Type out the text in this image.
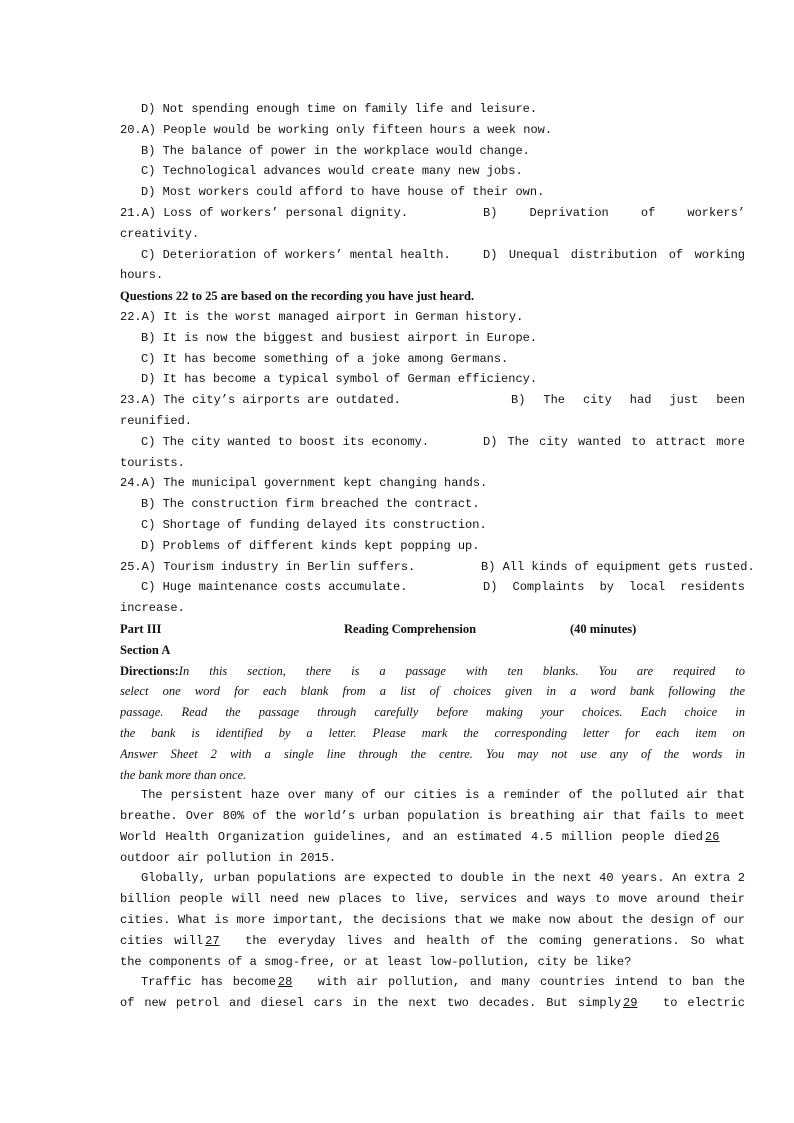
D) Not spending enough time on family life and leisure.
20.A) People would be working only fifteen hours a week now.
B) The balance of power in the workplace would change.
C) Technological advances would create many new jobs.
D) Most workers could afford to have house of their own.
21.A) Loss of workers’ personal dignity.	B) Deprivation of workers’
creativity.
C) Deterioration of workers’ mental health.	D) Unequal distribution of working
hours.
Questions 22 to 25 are based on the recording you have just heard.
22.A) It is the worst managed airport in German history.
B) It is now the biggest and busiest airport in Europe.
C) It has become something of a joke among Germans.
D) It has become a typical symbol of German efficiency.
23.A) The city’s airports are outdated.	B) The city had just been
reunified.
C) The city wanted to boost its economy.	D) The city wanted to attract more
tourists.
24.A) The municipal government kept changing hands.
B) The construction firm breached the contract.
C) Shortage of funding delayed its construction.
D) Problems of different kinds kept popping up.
25.A) Tourism industry in Berlin suffers.	B) All kinds of equipment gets rusted.
C) Huge maintenance costs accumulate.	D) Complaints by local residents
increase.
Part III	Reading Comprehension	(40 minutes)
Section A
Directions:In this section, there is a passage with ten blanks. You are required to
select one word for each blank from a list of choices given in a word bank following the
passage. Read the passage through carefully before making your choices. Each choice in
the bank is identified by a letter. Please mark the corresponding letter for each item on
Answer Sheet 2 with a single line through the centre. You may not use any of the words in
the bank more than once.
The persistent haze over many of our cities is a reminder of the polluted air that
breathe. Over 80% of the world’s urban population is breathing air that fails to meet
World Health Organization guidelines, and an estimated 4.5 million people died 26
outdoor air pollution in 2015.
Globally, urban populations are expected to double in the next 40 years. An extra 2
billion people will need new places to live, services and ways to move around their
cities. What is more important, the decisions that we make now about the design of our
cities will 27 the everyday lives and health of the coming generations. So what
the components of a smog-free, or at least low-pollution, city be like?
Traffic has become 28 with air pollution, and many countries intend to ban the
of new petrol and diesel cars in the next two decades. But simply 29 to electric
